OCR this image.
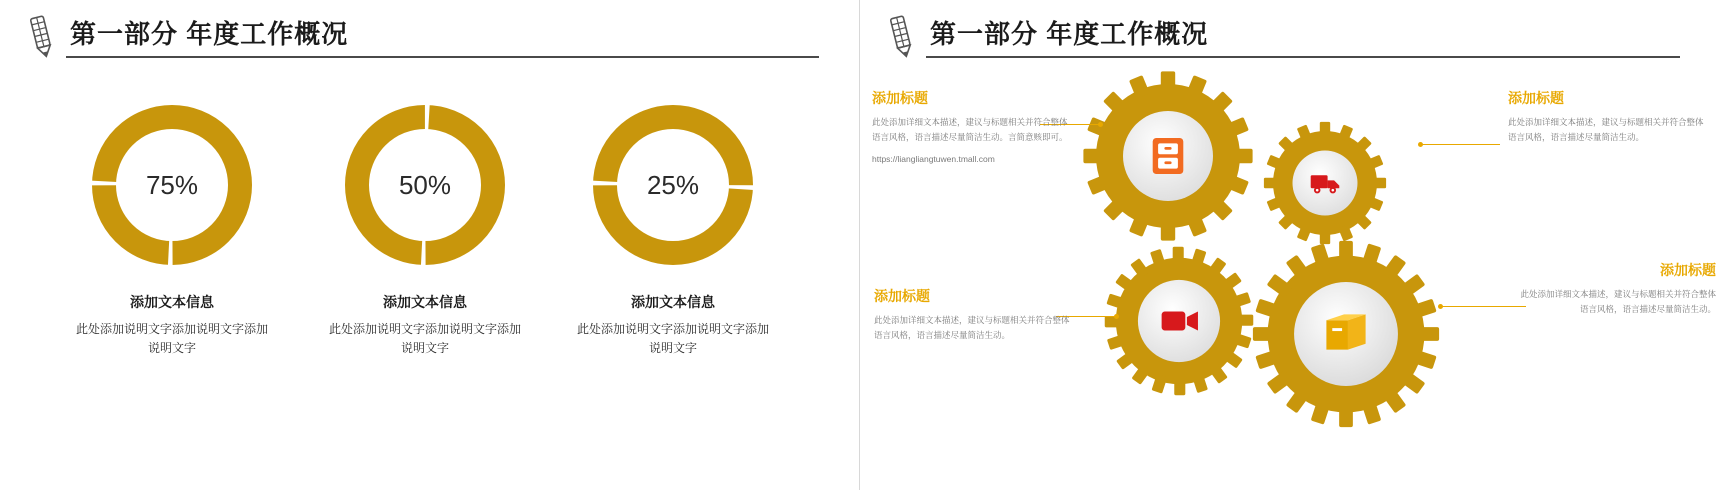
第一部分 年度工作概况
75%
添加文本信息
此处添加说明文字添加说明文字添加说明文字
50%
添加文本信息
此处添加说明文字添加说明文字添加说明文字
25%
添加文本信息
此处添加说明文字添加说明文字添加说明文字
第一部分 年度工作概况
添加标题
此处添加详细文本描述，建议与标题相关并符合整体语言风格，语言描述尽量简洁生动。言简意赅即可。
https://liangliangtuwen.tmall.com
添加标题
此处添加详细文本描述，建议与标题相关并符合整体语言风格，语言描述尽量简洁生动。
添加标题
此处添加详细文本描述，建议与标题相关并符合整体语言风格，语言描述尽量简洁生动。
添加标题
此处添加详细文本描述，建议与标题相关并符合整体语言风格，语言描述尽量简洁生动。
